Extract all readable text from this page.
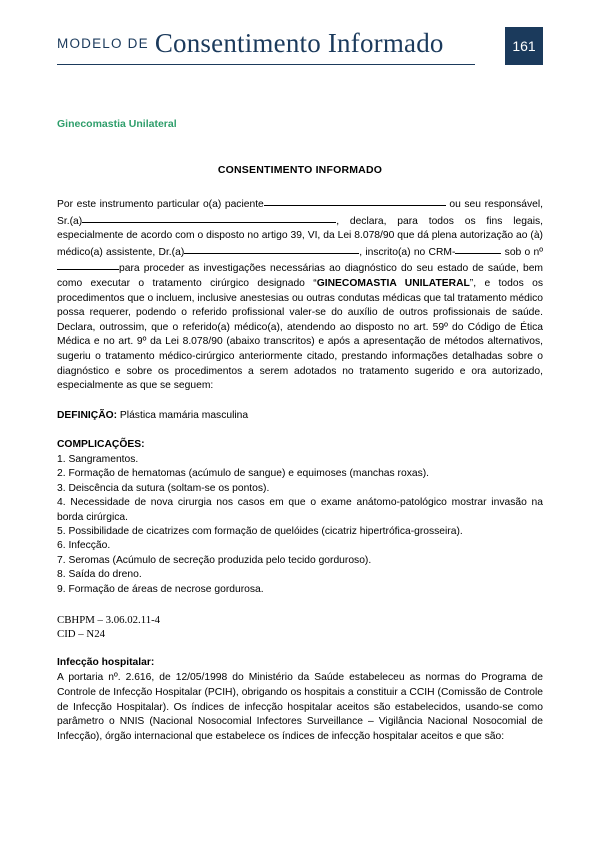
MODELO DE Consentimento Informado	161
Ginecomastia Unilateral
CONSENTIMENTO INFORMADO

Por este instrumento particular o(a) paciente	ou seu responsável, Sr.(a)	, declara, para todos os fins legais, especialmente de acordo com o disposto no artigo 39, VI, da Lei 8.078/90 que dá plena autorização ao (à) médico(a) assistente, Dr.(a)	, inscrito(a) no CRM-	sob o nºpara proceder as investigações necessárias ao diagnóstico do seu estado de saúde, bem como executar o tratamento cirúrgico designado “GINECOMASTIA UNILATERAL”, e todos os procedimentos que o incluem, inclusive anestesias ou outras condutas médicas que tal tratamento médico possa requerer, podendo o referido profissional valer-se do auxílio de outros profissionais de saúde. Declara, outrossim, que o referido(a) médico(a), atendendo ao disposto no art. 59º do Código de Ética Médica e no art. 9º da Lei 8.078/90 (abaixo transcritos) e após a apresentação de métodos alternativos, sugeriu o tratamento médico-cirúrgico anteriormente citado, prestando informações detalhadas sobre o diagnóstico e sobre os procedimentos a serem adotados no tratamento sugerido e ora autorizado, especialmente as que se seguem:

DEFINIÇÃO: Plástica mamária masculina
COMPLICAÇÕES:

1. Sangramentos.

2. Formação de hematomas (acúmulo de sangue) e equimoses (manchas roxas).

3. Deiscência da sutura (soltam-se os pontos).

4. Necessidade de nova cirurgia nos casos em que o exame anátomo-patológico mostrar invasão na borda cirúrgica.

5. Possibilidade de cicatrizes com formação de quelóides (cicatriz hipertrófica-grosseira).

6. Infecção.

7. Seromas (Acúmulo de secreção produzida pelo tecido gorduroso).

8. Saída do dreno.

9. Formação de áreas de necrose gordurosa.

CBHPM – 3.06.02.11-4

CID – N24

Infecção hospitalar:

A portaria nº. 2.616, de 12/05/1998 do Ministério da Saúde estabeleceu as normas do Programa de Controle de Infecção Hospitalar (PCIH), obrigando os hospitais a constituir a CCIH (Comissão de Controle de Infecção Hospitalar). Os índices de infecção hospitalar aceitos são estabelecidos, usando-se como parâmetro o NNIS (Nacional Nosocomial Infectores Surveillance – Vigilância Nacional Nosocomial de Infecção), órgão internacional que estabelece os índices de infecção hospitalar aceitos e que são:
